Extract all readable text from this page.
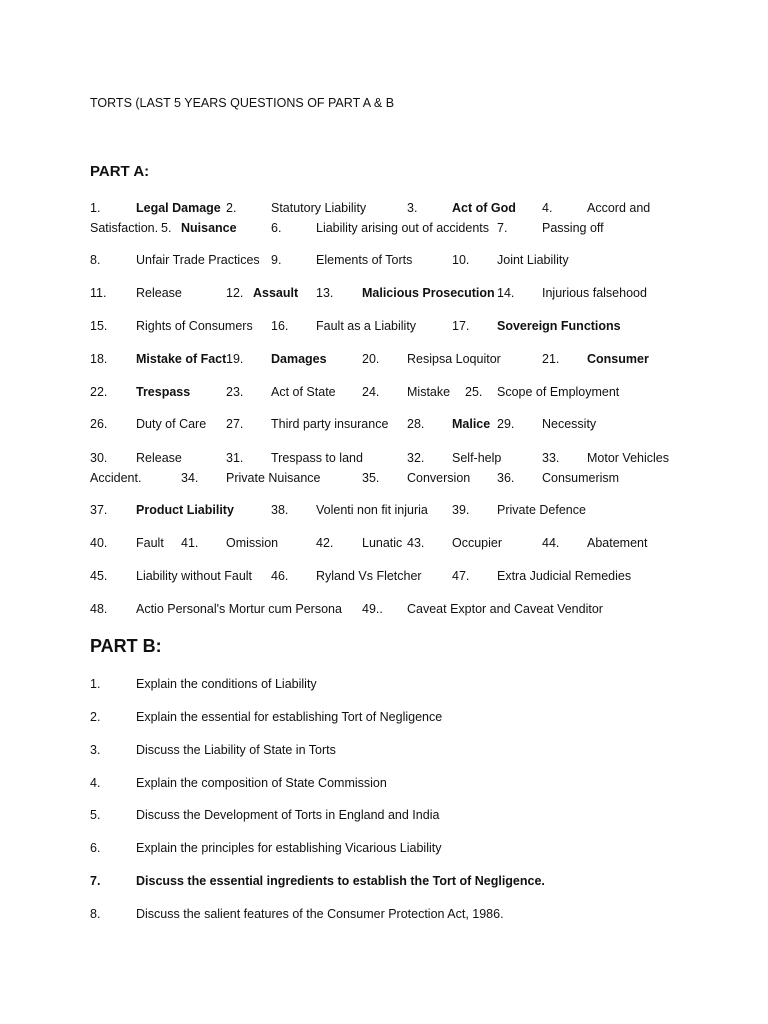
TORTS (LAST 5 YEARS QUESTIONS OF PART A & B
PART A:
1.	Legal Damage 2.	Statutory Liability	3.	Act of God 4.	Accord and
Satisfaction. 5. Nuisance	6.	Liability arising out of accidents 7.	Passing off
8.	Unfair Trade Practices 9.	Elements of Torts	10. Joint Liability
11. Release	12. Assault 13. Malicious Prosecution 14. Injurious falsehood
15. Rights of Consumers 16. Fault as a Liability	17. Sovereign Functions
18. Mistake of Fact 19. Damages	20. Resipsa Loquitor	21. Consumer
22. Trespass	23. Act of State 24. Mistake 25. Scope of Employment
26. Duty of Care 27. Third party insurance 28. Malice 29. Necessity
30. Release	31. Trespass to land	32. Self-help	33. Motor Vehicles
Accident.	34. Private Nuisance	35. Conversion 36. Consumerism
37. Product Liability	38. Volenti non fit injuria 39. Private Defence
40. Fault 41. Omission	42. Lunatic 43. Occupier	44. Abatement
45. Liability without Fault 46. Ryland Vs Fletcher 47. Extra Judicial Remedies
48. Actio Personal's Mortur cum Persona 49.. Caveat Exptor and Caveat Venditor
PART B:
1.	Explain the conditions of Liability
2.	Explain the essential for establishing Tort of Negligence
3.	Discuss the Liability of State in Torts
4.	Explain the composition of State Commission
5.	Discuss the Development of Torts in England and India
6.	Explain the principles for establishing Vicarious Liability
7.	Discuss the essential ingredients to establish the Tort of Negligence.
8.	Discuss the salient features of the Consumer Protection Act, 1986.
